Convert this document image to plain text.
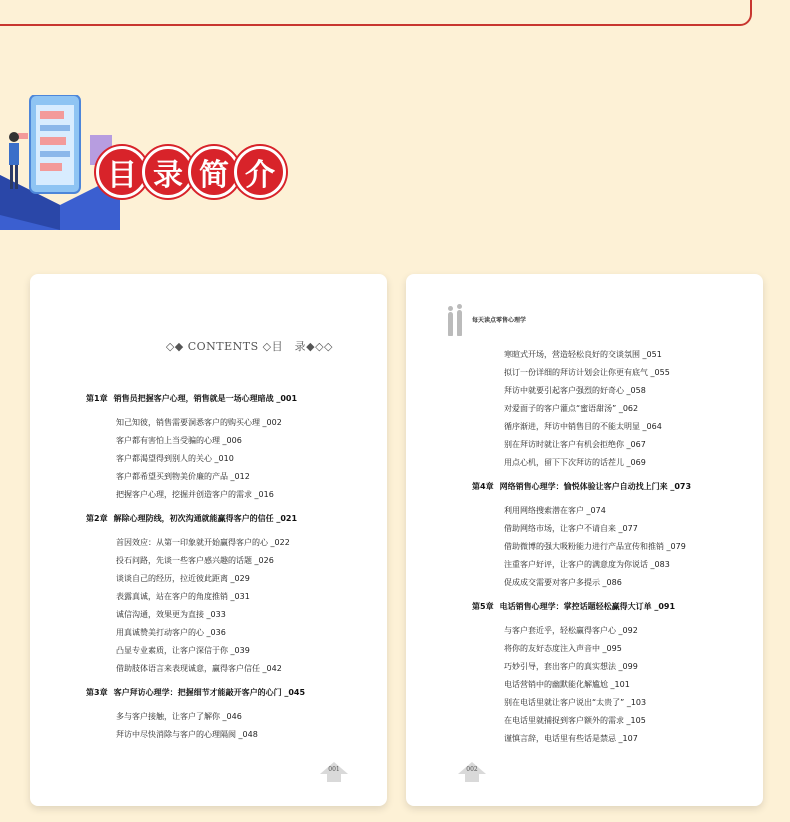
目 录 简 介
◇◆ CONTENTS ◇目　录◆◇◇
第1章 销售员把握客户心理，销售就是一场心理暗战 _001
知己知彼，销售需要洞悉客户的购买心理 _002
客户都有害怕上当受骗的心理 _006
客户都渴望得到别人的关心 _010
客户都希望买到物美价廉的产品 _012
把握客户心理，挖掘并创造客户的需求 _016
第2章 解除心理防线，初次沟通就能赢得客户的信任 _021
首因效应：从第一印象就开始赢得客户的心 _022
投石问路，先谈一些客户感兴趣的话题 _026
谈谈自己的经历，拉近彼此距离 _029
表露真诚，站在客户的角度推销 _031
诚信沟通，效果更为直接 _033
用真诚赞美打动客户的心 _036
凸显专业素质，让客户深信于你 _039
借助肢体语言来表现诚意，赢得客户信任 _042
第3章 客户拜访心理学：把握细节才能敲开客户的心门 _045
多与客户接触，让客户了解你 _046
拜访中尽快消除与客户的心理隔阂 _048
001
每天读点零售心理学
寒暄式开场，营造轻松良好的交谈氛围 _051
拟订一份详细的拜访计划会让你更有底气 _055
拜访中就要引起客户强烈的好奇心 _058
对爱面子的客户灌点“蜜语甜汤” _062
循序渐进，拜访中销售目的不能太明显 _064
别在拜访时就让客户有机会拒绝你 _067
用点心机，留下下次拜访的话茬儿 _069
第4章 网络销售心理学：愉悦体验让客户自动找上门来 _073
利用网络搜索潜在客户 _074
借助网络市场，让客户不请自来 _077
借助微博的强大吸粉能力进行产品宣传和推销 _079
注重客户好评，让客户的满意度为你说话 _083
促成成交需要对客户多提示 _086
第5章 电话销售心理学：掌控话题轻松赢得大订单 _091
与客户套近乎，轻松赢得客户心 _092
将你的友好态度注入声音中 _095
巧妙引导，套出客户的真实想法 _099
电话营销中的幽默能化解尴尬 _101
别在电话里就让客户说出“太贵了” _103
在电话里就捕捉到客户额外的需求 _105
谨慎言辞，电话里有些话是禁忌 _107
002
